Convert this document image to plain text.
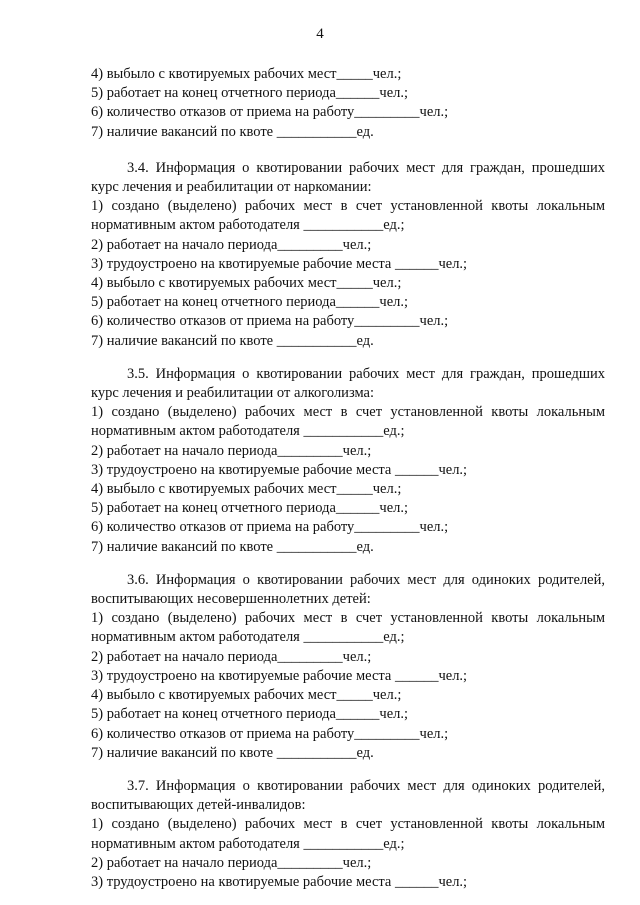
4
4) выбыло с квотируемых рабочих мест_____чел.;
5) работает на конец отчетного периода______чел.;
6) количество отказов от приема на работу_________чел.;
7) наличие вакансий по квоте ___________ед.
3.4. Информация о квотировании рабочих мест для граждан, прошедших
курс лечения и реабилитации от наркомании:
1) создано (выделено) рабочих мест в счет установленной квоты локальным
нормативным актом работодателя ___________ед.;
2) работает на начало периода_________чел.;
3) трудоустроено на квотируемые рабочие места ______чел.;
4) выбыло с квотируемых рабочих мест_____чел.;
5) работает на конец отчетного периода______чел.;
6) количество отказов от приема на работу_________чел.;
7) наличие вакансий по квоте ___________ед.
3.5. Информация о квотировании рабочих мест для граждан, прошедших
курс лечения и реабилитации от алкоголизма:
1) создано (выделено) рабочих мест в счет установленной квоты локальным
нормативным актом работодателя ___________ед.;
2) работает на начало периода_________чел.;
3) трудоустроено на квотируемые рабочие места ______чел.;
4) выбыло с квотируемых рабочих мест_____чел.;
5) работает на конец отчетного периода______чел.;
6) количество отказов от приема на работу_________чел.;
7) наличие вакансий по квоте ___________ед.
3.6. Информация о квотировании рабочих мест для одиноких родителей,
воспитывающих несовершеннолетних детей:
1) создано (выделено) рабочих мест в счет установленной квоты локальным
нормативным актом работодателя ___________ед.;
2) работает на начало периода_________чел.;
3) трудоустроено на квотируемые рабочие места ______чел.;
4) выбыло с квотируемых рабочих мест_____чел.;
5) работает на конец отчетного периода______чел.;
6) количество отказов от приема на работу_________чел.;
7) наличие вакансий по квоте ___________ед.
3.7. Информация о квотировании рабочих мест для одиноких родителей,
воспитывающих детей-инвалидов:
1) создано (выделено) рабочих мест в счет установленной квоты локальным
нормативным актом работодателя ___________ед.;
2) работает на начало периода_________чел.;
3) трудоустроено на квотируемые рабочие места ______чел.;
